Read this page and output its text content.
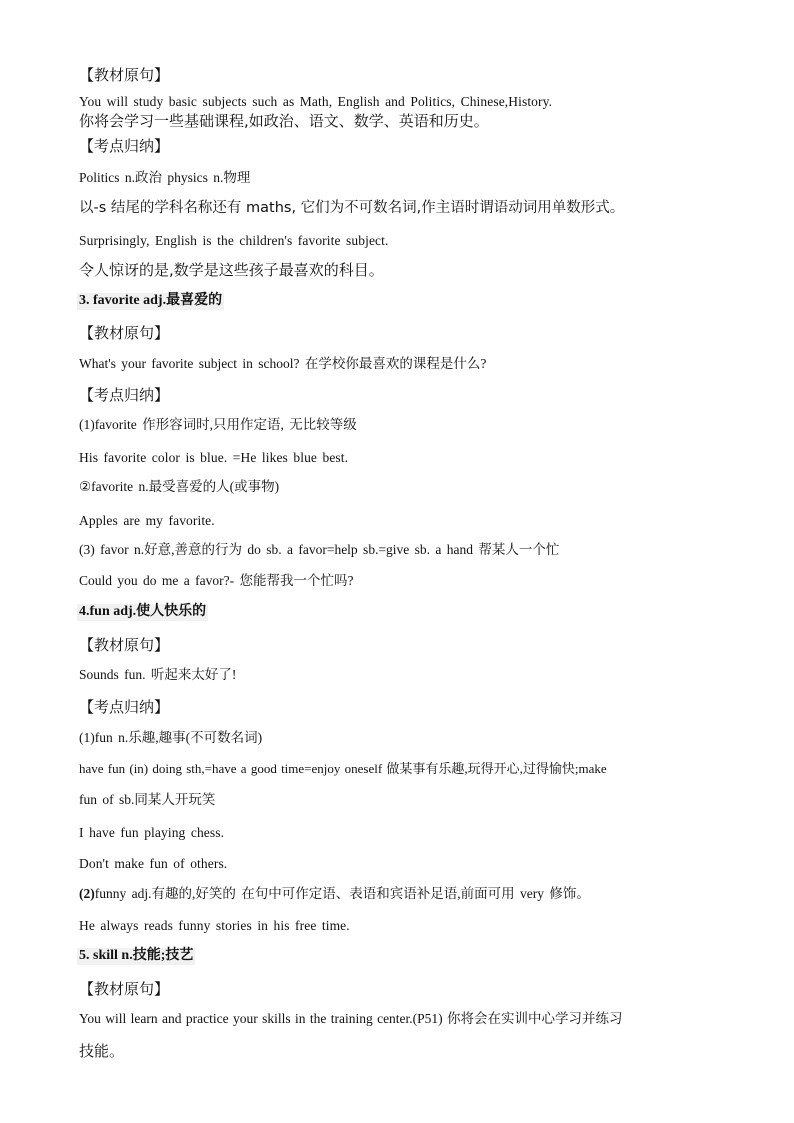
【教材原句】
You will study basic subjects such as Math, English and Politics, Chinese,History.
你将会学习一些基础课程,如政治、语文、数学、英语和历史。
【考点归纳】
Politics n.政治 physics n.物理
以-s 结尾的学科名称还有 maths, 它们为不可数名词,作主语时谓语动词用单数形式。
Surprisingly, English is the children's favorite subject.
令人惊讶的是,数学是这些孩子最喜欢的科目。
3. favorite adj.最喜爱的
【教材原句】
What's your favorite subject in school? 在学校你最喜欢的课程是什么?
【考点归纳】
(1)favorite 作形容词时,只用作定语, 无比较等级
His favorite color is blue. =He likes blue best.
②favorite n.最受喜爱的人(或事物)
Apples are my favorite.
(3) favor n.好意,善意的行为 do sb. a favor=help sb.=give sb. a hand 帮某人一个忙
Could you do me a favor?- 您能帮我一个忙吗?
4.fun adj.使人快乐的
【教材原句】
Sounds fun. 听起来太好了!
【考点归纳】
(1)fun n.乐趣,趣事(不可数名词)
have fun (in) doing sth,=have a good time=enjoy oneself 做某事有乐趣,玩得开心,过得愉快;make
fun of sb.同某人开玩笑
I have fun playing chess.
Don't make fun of others.
(2)funny adj.有趣的,好笑的 在句中可作定语、表语和宾语补足语,前面可用 very 修饰。
He always reads funny stories in his free time.
5. skill n.技能;技艺
【教材原句】
You will learn and practice your skills in the training center.(P51) 你将会在实训中心学习并练习
技能。
